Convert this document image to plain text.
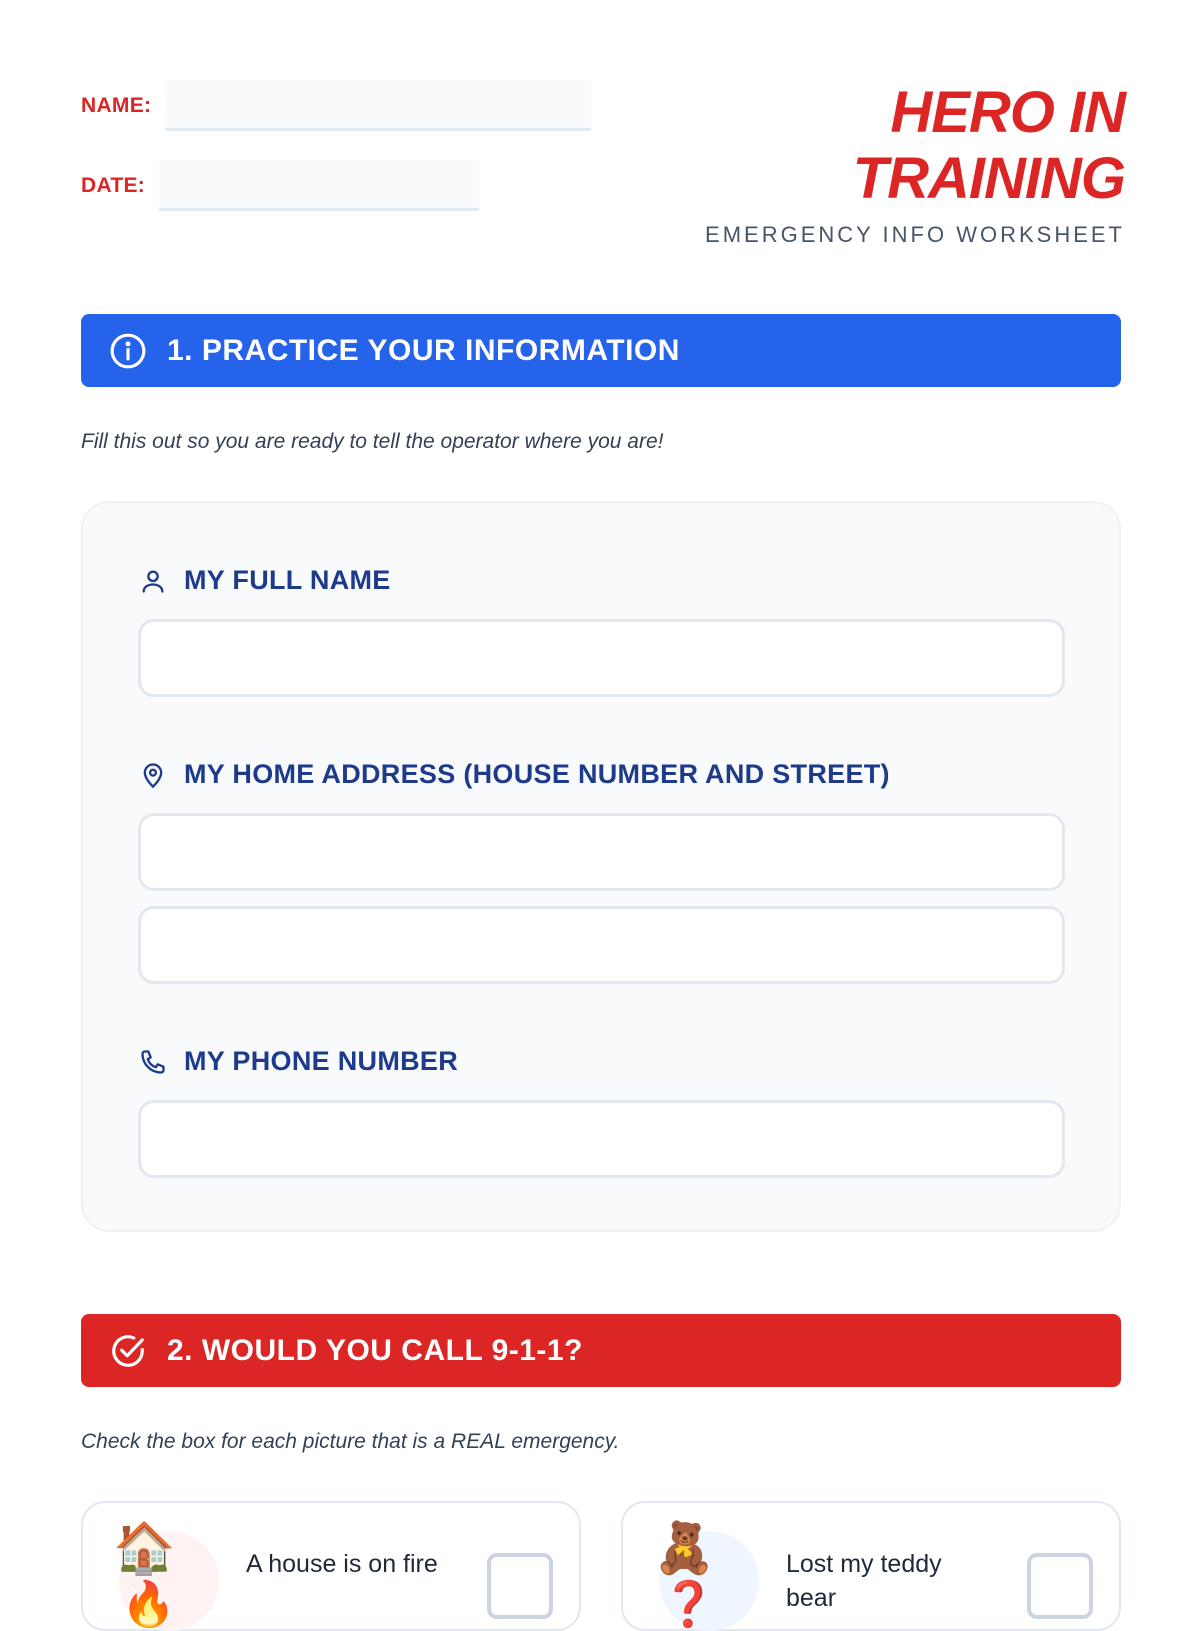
NAME:
DATE:
HERO IN
TRAINING
EMERGENCY INFO WORKSHEET
1. PRACTICE YOUR INFORMATION
Fill this out so you are ready to tell the operator where you are!
MY FULL NAME
MY HOME ADDRESS (HOUSE NUMBER AND STREET)
MY PHONE NUMBER
2. WOULD YOU CALL 9-1-1?
Check the box for each picture that is a REAL emergency.
🏠
🔥
A house is on fire	🧸
❓
Lost my teddy bear
